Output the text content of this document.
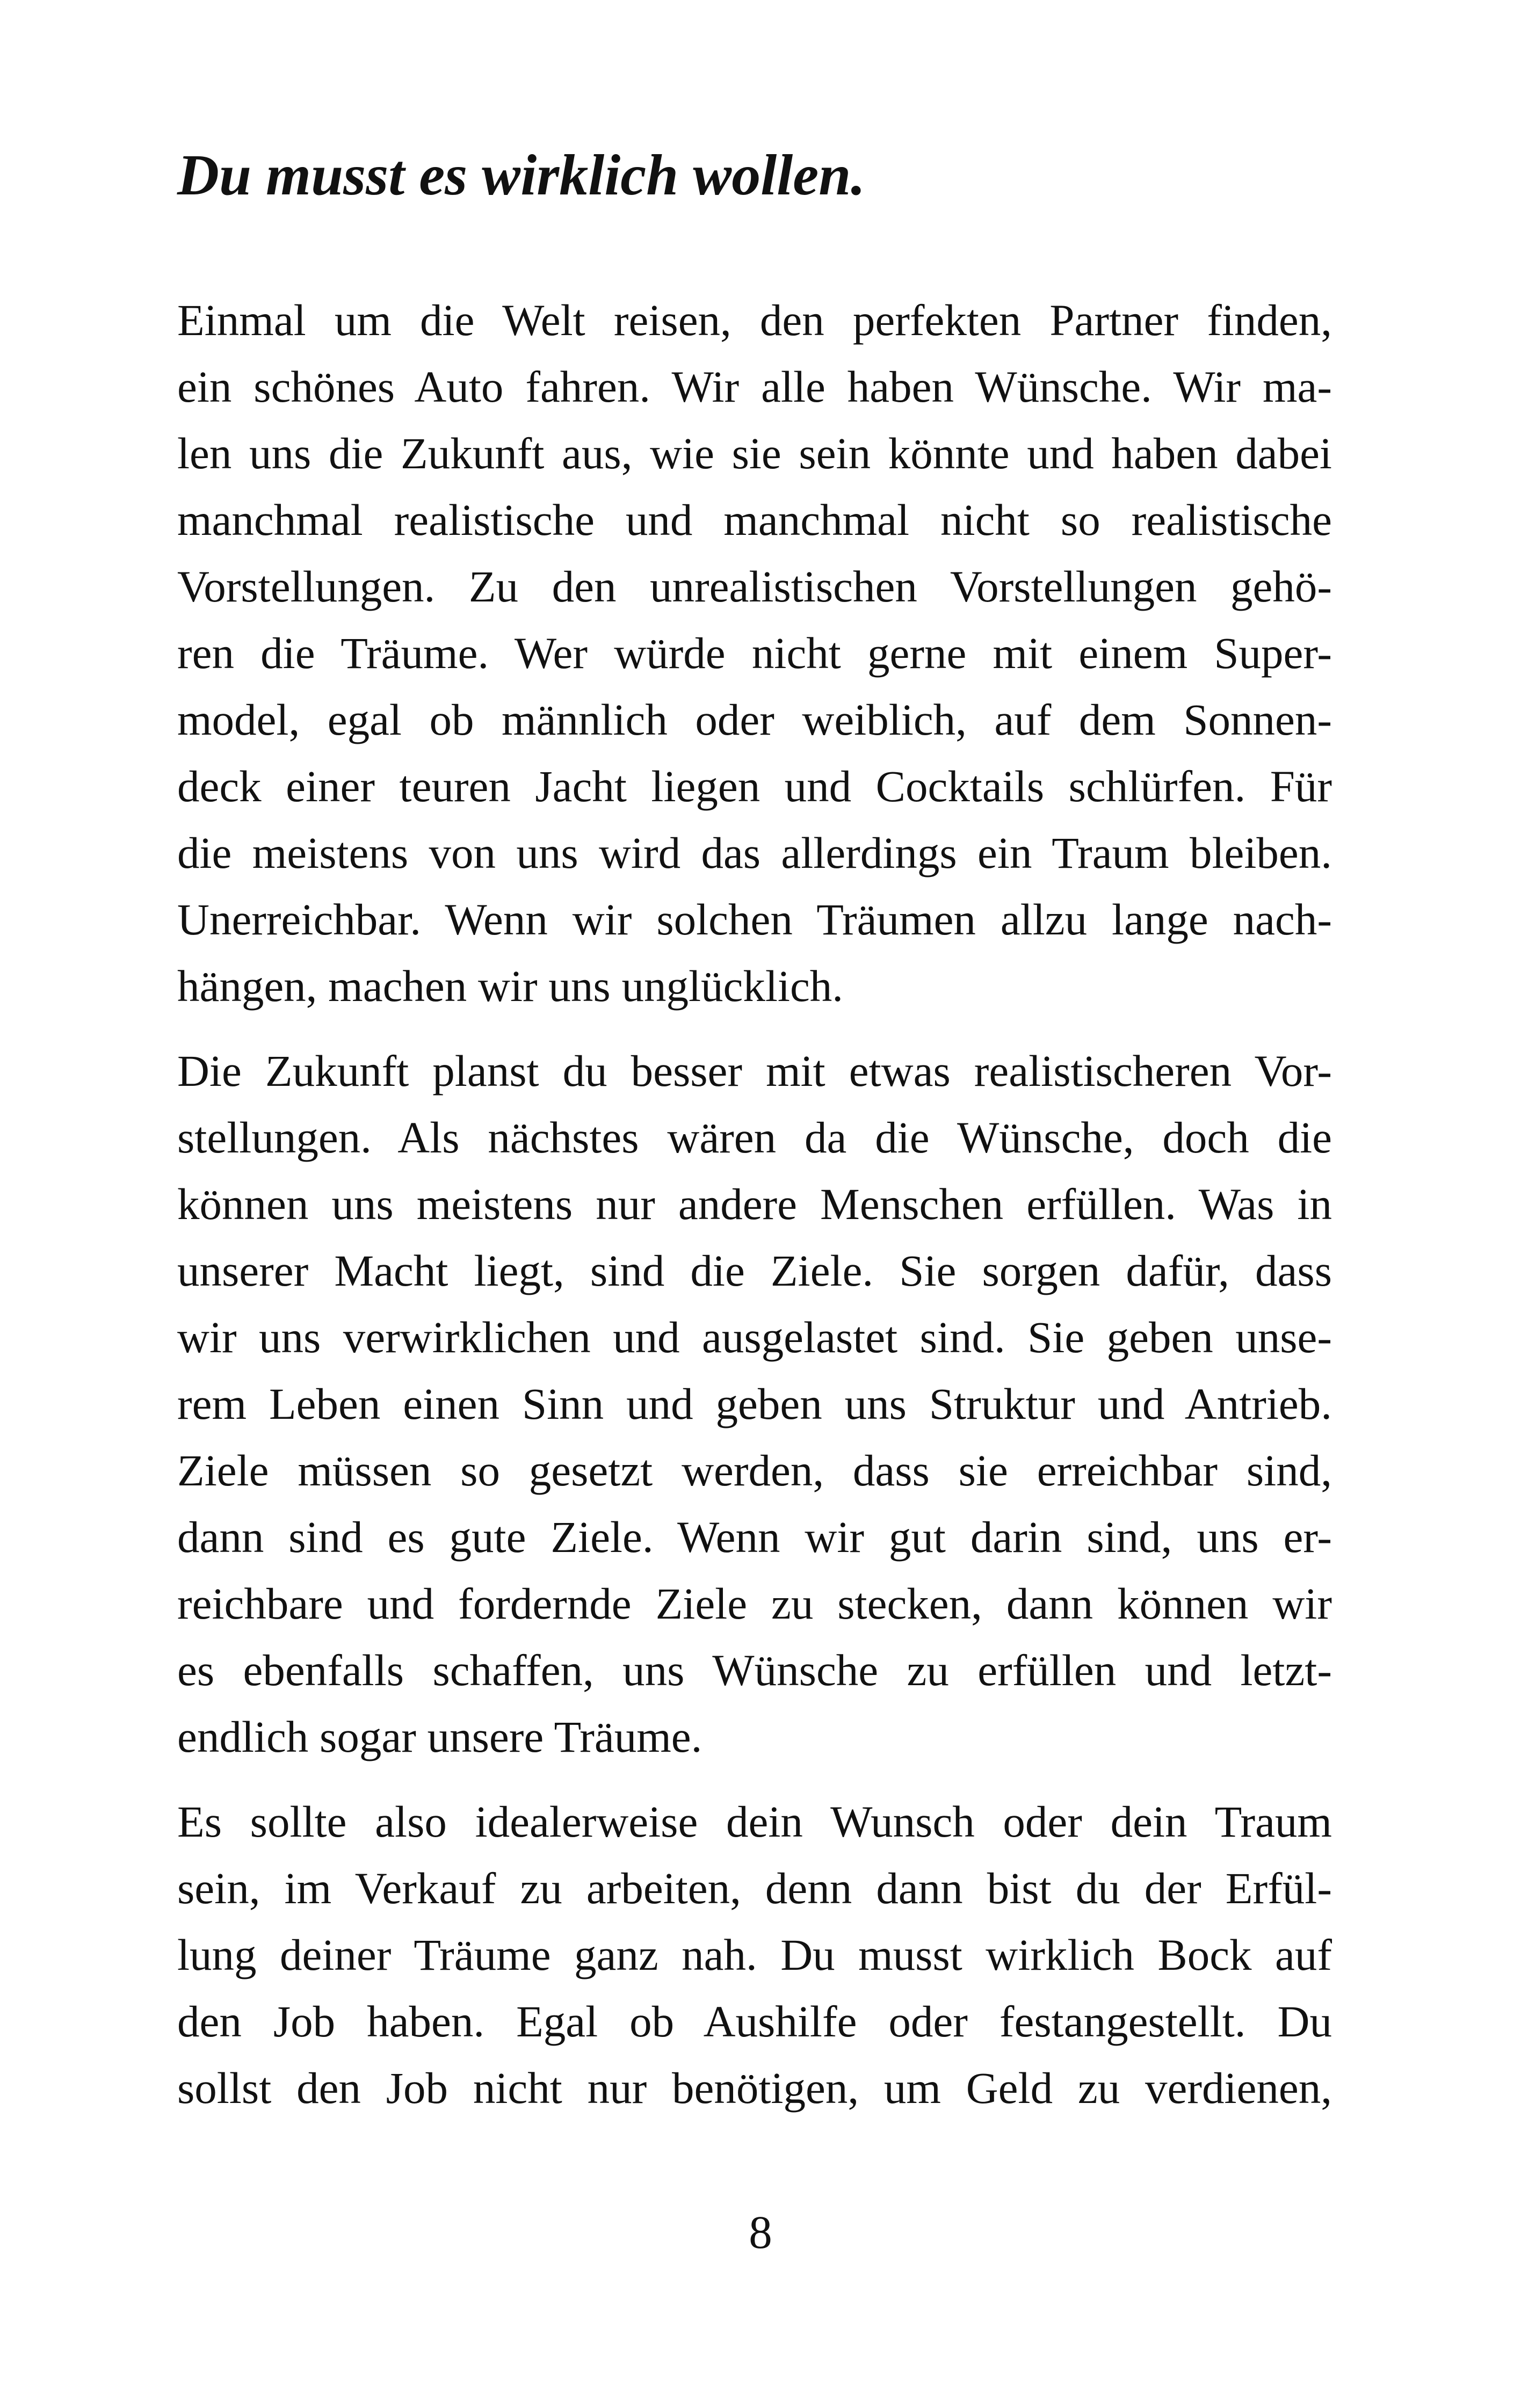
Du musst es wirklich wollen.
Einmal um die Welt reisen, den perfekten Partner finden,
ein schönes Auto fahren. Wir alle haben Wünsche. Wir ma-
len uns die Zukunft aus, wie sie sein könnte und haben dabei
manchmal realistische und manchmal nicht so realistische
Vorstellungen. Zu den unrealistischen Vorstellungen gehö-
ren die Träume. Wer würde nicht gerne mit einem Super-
model, egal ob männlich oder weiblich, auf dem Sonnen-
deck einer teuren Jacht liegen und Cocktails schlürfen. Für
die meistens von uns wird das allerdings ein Traum bleiben.
Unerreichbar. Wenn wir solchen Träumen allzu lange nach-
hängen, machen wir uns unglücklich.
Die Zukunft planst du besser mit etwas realistischeren Vor-
stellungen. Als nächstes wären da die Wünsche, doch die
können uns meistens nur andere Menschen erfüllen. Was in
unserer Macht liegt, sind die Ziele. Sie sorgen dafür, dass
wir uns verwirklichen und ausgelastet sind. Sie geben unse-
rem Leben einen Sinn und geben uns Struktur und Antrieb.
Ziele müssen so gesetzt werden, dass sie erreichbar sind,
dann sind es gute Ziele. Wenn wir gut darin sind, uns er-
reichbare und fordernde Ziele zu stecken, dann können wir
es ebenfalls schaffen, uns Wünsche zu erfüllen und letzt-
endlich sogar unsere Träume.
Es sollte also idealerweise dein Wunsch oder dein Traum
sein, im Verkauf zu arbeiten, denn dann bist du der Erfül-
lung deiner Träume ganz nah. Du musst wirklich Bock auf
den Job haben. Egal ob Aushilfe oder festangestellt. Du
sollst den Job nicht nur benötigen, um Geld zu verdienen,
8
